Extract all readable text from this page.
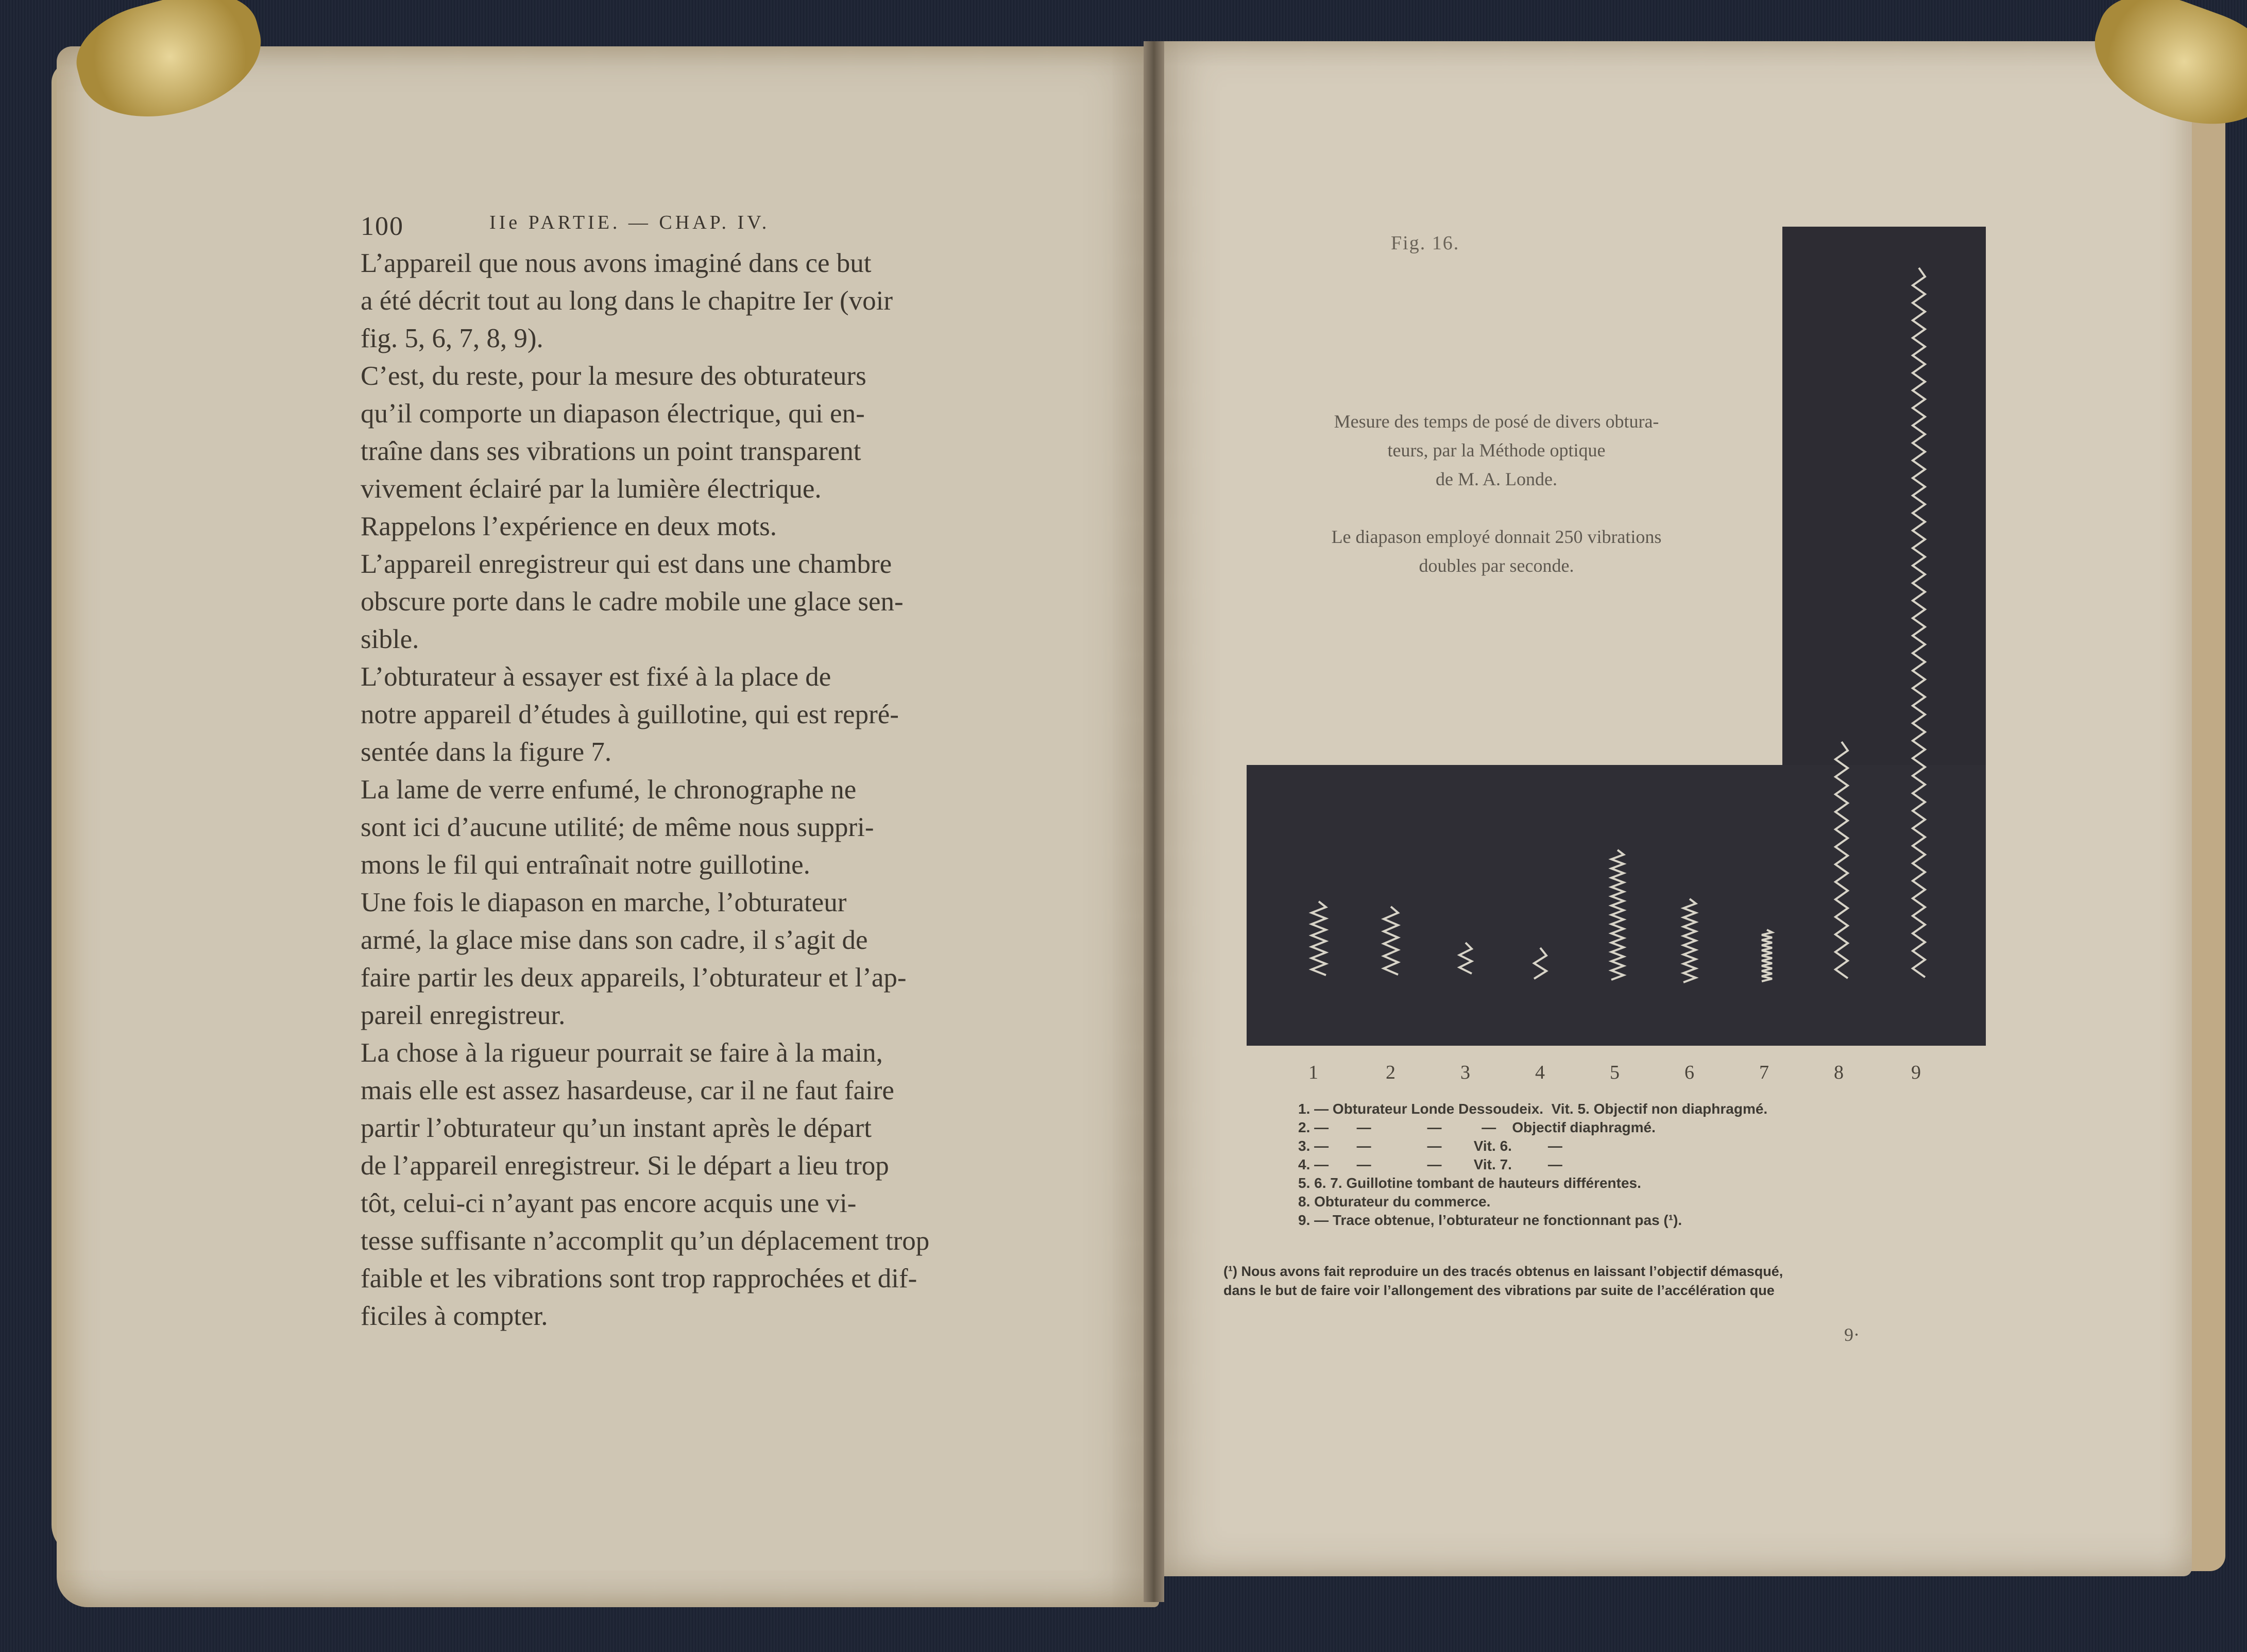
100	IIe PARTIE. — CHAP. IV.
L’appareil que nous avons imaginé dans ce but
a été décrit tout au long dans le chapitre Ier (voir
fig. 5, 6, 7, 8, 9).
C’est, du reste, pour la mesure des obturateurs
qu’il comporte un diapason électrique, qui en-
traîne dans ses vibrations un point transparent
vivement éclairé par la lumière électrique.
Rappelons l’expérience en deux mots.
L’appareil enregistreur qui est dans une chambre
obscure porte dans le cadre mobile une glace sen-
sible.
L’obturateur à essayer est fixé à la place de
notre appareil d’études à guillotine, qui est repré-
sentée dans la figure 7.
La lame de verre enfumé, le chronographe ne
sont ici d’aucune utilité; de même nous suppri-
mons le fil qui entraînait notre guillotine.
Une fois le diapason en marche, l’obturateur
armé, la glace mise dans son cadre, il s’agit de
faire partir les deux appareils, l’obturateur et l’ap-
pareil enregistreur.
La chose à la rigueur pourrait se faire à la main,
mais elle est assez hasardeuse, car il ne faut faire
partir l’obturateur qu’un instant après le départ
de l’appareil enregistreur. Si le départ a lieu trop
tôt, celui-ci n’ayant pas encore acquis une vi-
tesse suffisante n’accomplit qu’un déplacement trop
faible et les vibrations sont trop rapprochées et dif-
ficiles à compter.
Fig. 16.
Mesure des temps de posé de divers obtura-
teurs, par la Méthode optique
de M. A. Londe.
Le diapason employé donnait 250 vibrations
doubles par seconde.
1	2	3	4	5	6	7	8	9
1. — Obturateur Londe Dessoudeix.  Vit. 5. Objectif non diaphragmé.
2. —       —              —          —    Objectif diaphragmé.
3. —       —              —        Vit. 6.         —
4. —       —              —        Vit. 7.         —
5. 6. 7. Guillotine tombant de hauteurs différentes.
8. Obturateur du commerce.
9. — Trace obtenue, l’obturateur ne fonctionnant pas (¹).
(¹) Nous avons fait reproduire un des tracés obtenus en laissant l’objectif démasqué,
dans le but de faire voir l’allongement des vibrations par suite de l’accélération que
9·
